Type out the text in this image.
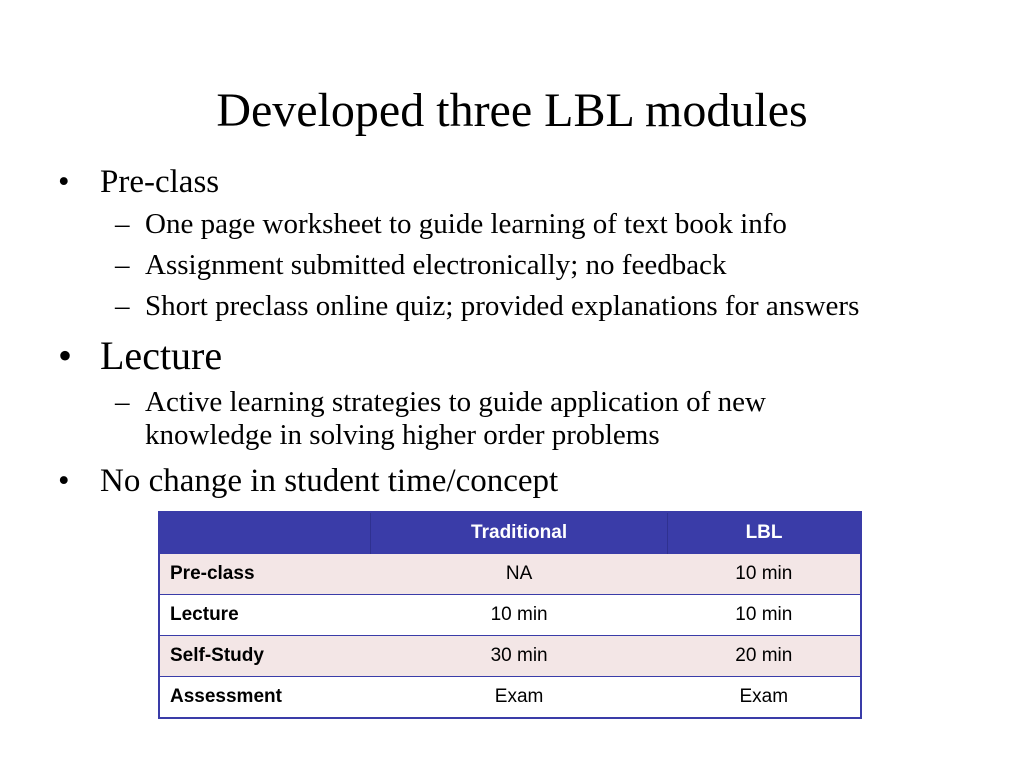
Developed three LBL modules
• Pre-class
– One page worksheet to guide learning of text book info
– Assignment submitted electronically; no feedback
– Short preclass online quiz; provided explanations for answers
• Lecture
– Active learning strategies to guide application of new
knowledge in solving higher order problems
• No change in student time/concept
	Traditional	LBL
Pre-class	NA	10 min
Lecture	10 min	10 min
Self-Study	30 min	20 min
Assessment	Exam	Exam
